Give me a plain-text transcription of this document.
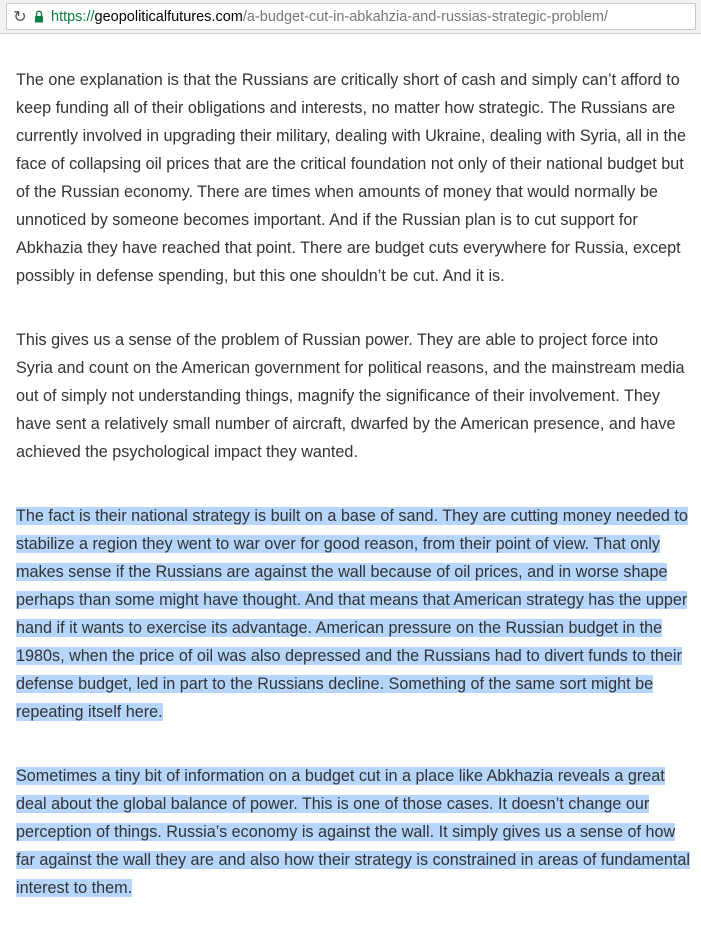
↻ https://geopoliticalfutures.com/a-budget-cut-in-abkahzia-and-russias-strategic-problem/

The one explanation is that the Russians are critically short of cash and simply can’t afford to keep funding all of their obligations and interests, no matter how strategic. The Russians are currently involved in upgrading their military, dealing with Ukraine, dealing with Syria, all in the face of collapsing oil prices that are the critical foundation not only of their national budget but of the Russian economy. There are times when amounts of money that would normally be unnoticed by someone becomes important. And if the Russian plan is to cut support for Abkhazia they have reached that point. There are budget cuts everywhere for Russia, except possibly in defense spending, but this one shouldn’t be cut. And it is.

This gives us a sense of the problem of Russian power. They are able to project force into Syria and count on the American government for political reasons, and the mainstream media out of simply not understanding things, magnify the significance of their involvement. They have sent a relatively small number of aircraft, dwarfed by the American presence, and have achieved the psychological impact they wanted.

The fact is their national strategy is built on a base of sand. They are cutting money needed to stabilize a region they went to war over for good reason, from their point of view. That only makes sense if the Russians are against the wall because of oil prices, and in worse shape perhaps than some might have thought. And that means that American strategy has the upper hand if it wants to exercise its advantage. American pressure on the Russian budget in the 1980s, when the price of oil was also depressed and the Russians had to divert funds to their defense budget, led in part to the Russians decline. Something of the same sort might be repeating itself here.

Sometimes a tiny bit of information on a budget cut in a place like Abkhazia reveals a great deal about the global balance of power. This is one of those cases. It doesn’t change our perception of things. Russia’s economy is against the wall. It simply gives us a sense of how far against the wall they are and also how their strategy is constrained in areas of fundamental interest to them.
